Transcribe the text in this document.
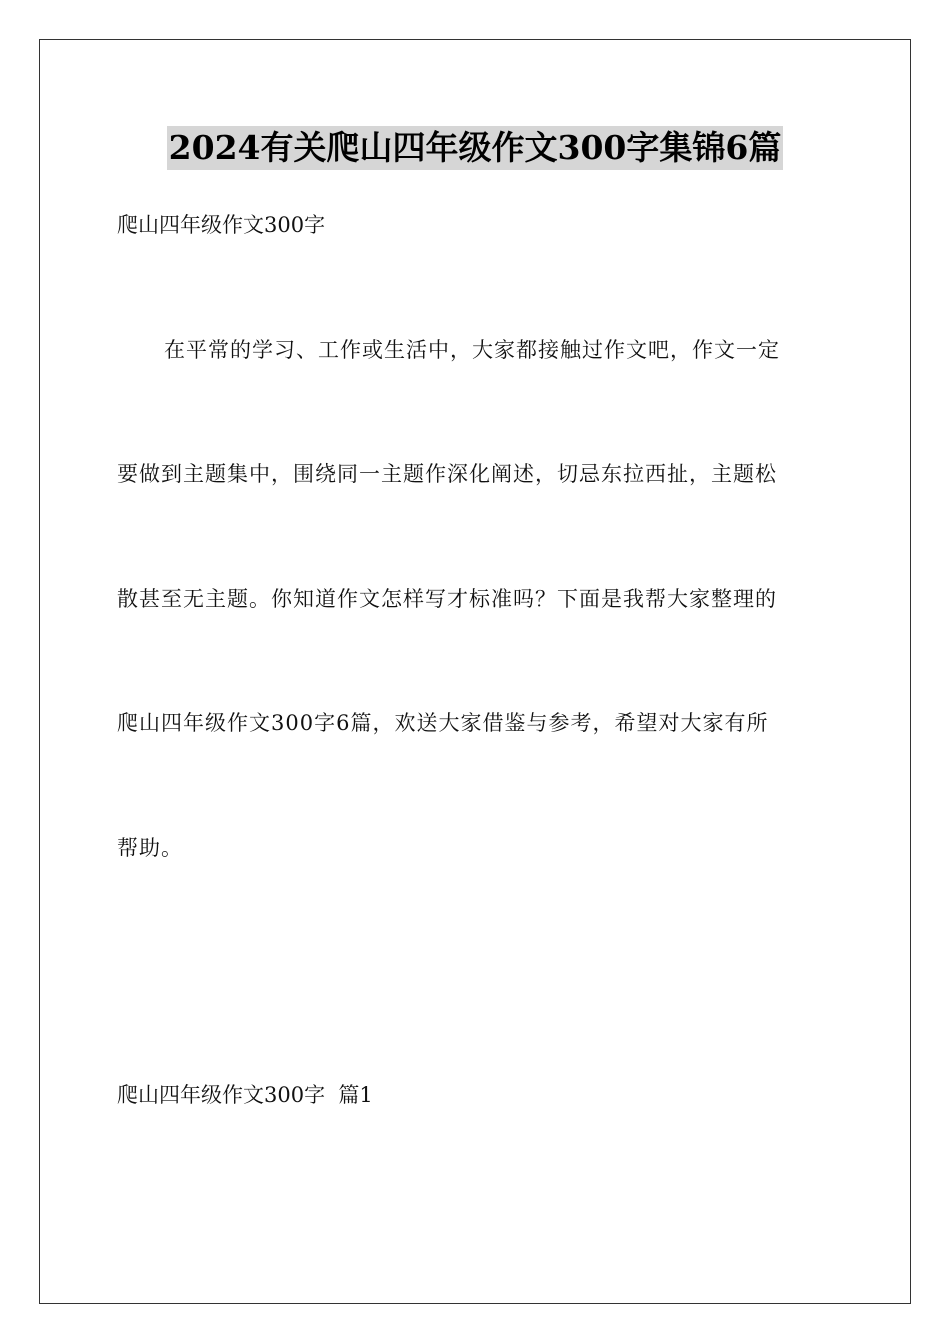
2024有关爬山四年级作文300字集锦6篇
爬山四年级作文300字
在平常的学习、工作或生活中，大家都接触过作文吧，作文一定
要做到主题集中，围绕同一主题作深化阐述，切忌东拉西扯，主题松
散甚至无主题。你知道作文怎样写才标准吗？下面是我帮大家整理的
爬山四年级作文300字6篇，欢送大家借鉴与参考，希望对大家有所
帮助。
爬山四年级作文300字  篇1
